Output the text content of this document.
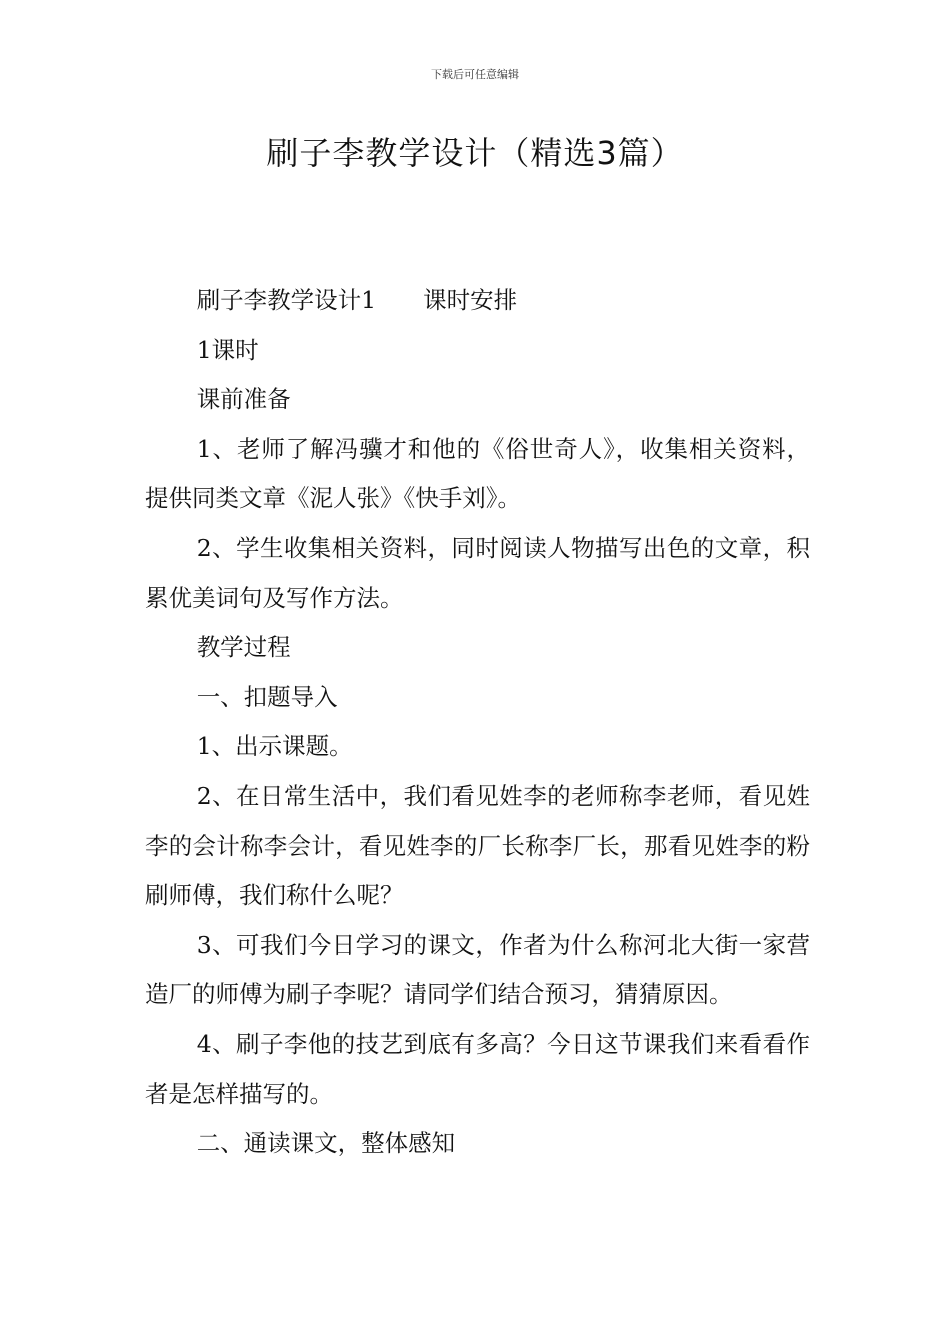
下载后可任意编辑
刷子李教学设计（精选3篇）

刷子李教学设计1　　课时安排

1课时

课前准备

1、老师了解冯骥才和他的《俗世奇人》，收集相关资料，提供同类文章《泥人张》《快手刘》。

2、学生收集相关资料，同时阅读人物描写出色的文章，积累优美词句及写作方法。

教学过程

一、扣题导入

1、出示课题。

2、在日常生活中，我们看见姓李的老师称李老师，看见姓李的会计称李会计，看见姓李的厂长称李厂长，那看见姓李的粉刷师傅，我们称什么呢？

3、可我们今日学习的课文，作者为什么称河北大街一家营造厂的师傅为刷子李呢？请同学们结合预习，猜猜原因。

4、刷子李他的技艺到底有多高？今日这节课我们来看看作者是怎样描写的。

二、通读课文，整体感知
